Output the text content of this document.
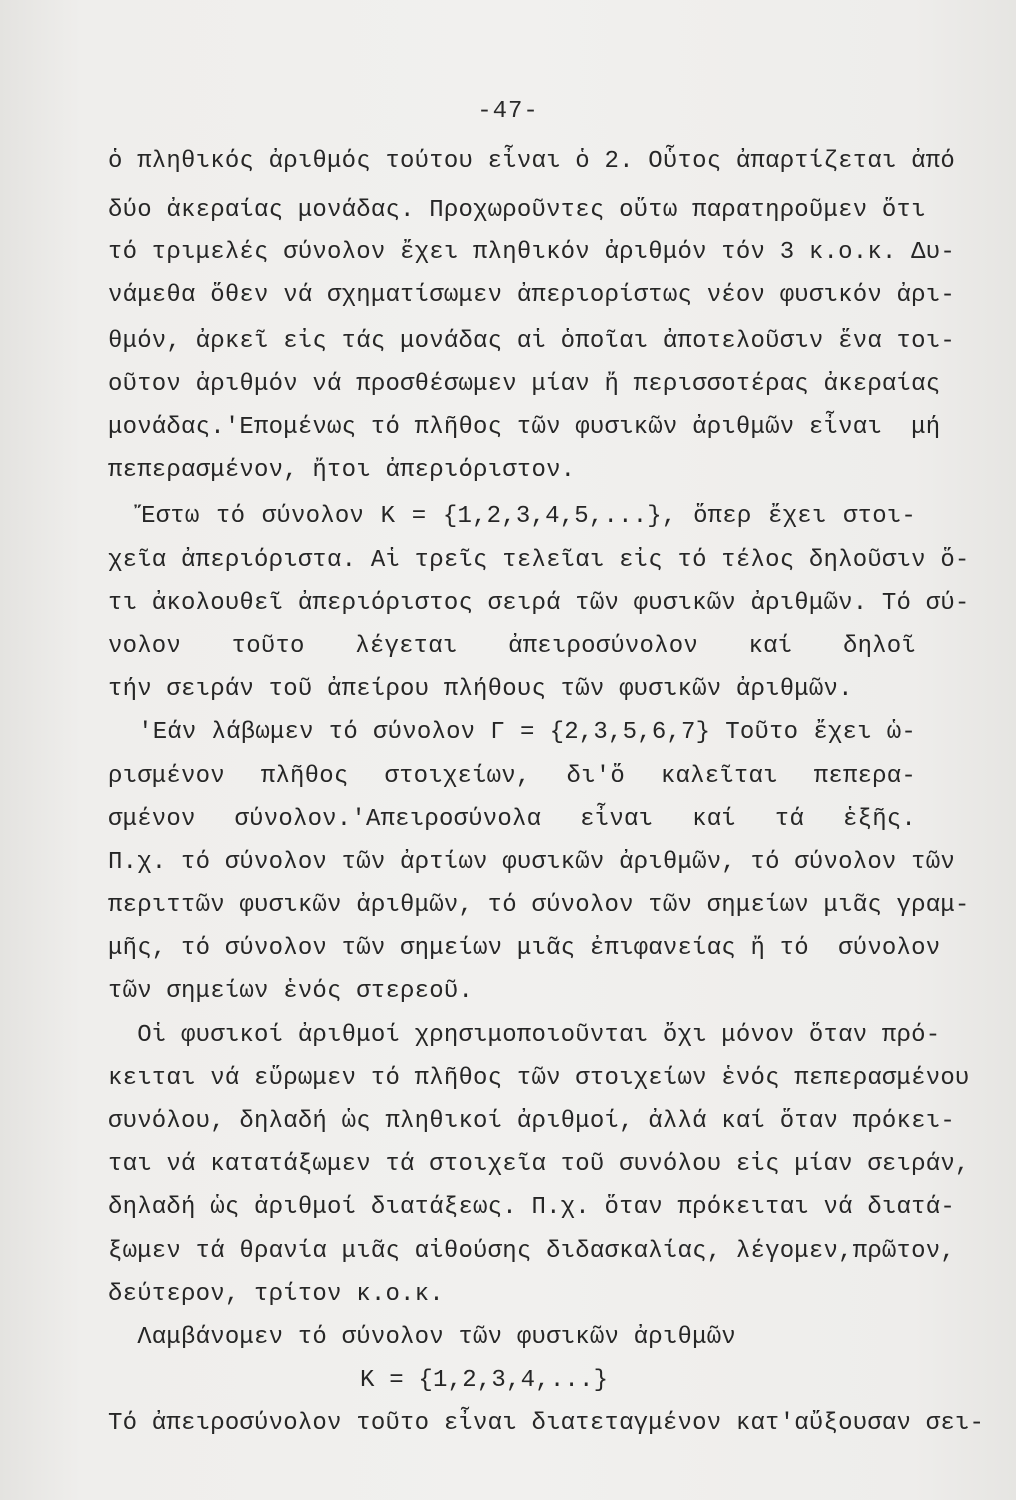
-47-
ὁ πληθικός ἀριθμός τούτου εἶναι ὁ 2. Οὗτος ἀπαρτίζεται ἀπό
δύο ἀκεραίας μονάδας. Προχωροῦντες οὕτω παρατηροῦμεν ὅτι
τό τριμελές σύνολον ἔχει πληθικόν ἀριθμόν τόν 3 κ.ο.κ. Δυ-
νάμεθα ὅθεν νά σχηματίσωμεν ἀπεριορίστως νέον φυσικόν ἀρι-
θμόν, ἀρκεῖ εἰς τάς μονάδας αἱ ὁποῖαι ἀποτελοῦσιν ἕνα τοι-
οῦτον ἀριθμόν νά προσθέσωμεν μίαν ἤ περισσοτέρας ἀκεραίας
μονάδας.'Επομένως τό πλῆθος τῶν φυσικῶν ἀριθμῶν εἶναι  μή
πεπερασμένον, ἤτοι ἀπεριόριστον.
Ἔστω τό σύνολον Κ = {1,2,3,4,5,...}, ὅπερ ἔχει στοι-
χεῖα ἀπεριόριστα. Αἱ τρεῖς τελεῖαι εἰς τό τέλος δηλοῦσιν ὅ-
τι ἀκολουθεῖ ἀπεριόριστος σειρά τῶν φυσικῶν ἀριθμῶν. Τό σύ-
νολον τοῦτο λέγεται ἀπειροσύνολον καί δηλοῖ
τήν σειράν τοῦ ἀπείρου πλήθους τῶν φυσικῶν ἀριθμῶν.
'Εάν λάβωμεν τό σύνολον Γ = {2,3,5,6,7} Τοῦτο ἔχει ὡ-
ρισμένον πλῆθος στοιχείων, δι'ὅ καλεῖται πεπερα-
σμένον σύνολον.'Απειροσύνολα εἶναι καί τά ἑξῆς.
Π.χ. τό σύνολον τῶν ἀρτίων φυσικῶν ἀριθμῶν, τό σύνολον τῶν
περιττῶν φυσικῶν ἀριθμῶν, τό σύνολον τῶν σημείων μιᾶς γραμ-
μῆς, τό σύνολον τῶν σημείων μιᾶς ἐπιφανείας ἤ τό  σύνολον
τῶν σημείων ἑνός στερεοῦ.
Οἱ φυσικοί ἀριθμοί χρησιμοποιοῦνται ὄχι μόνον ὅταν πρό-
κειται νά εὕρωμεν τό πλῆθος τῶν στοιχείων ἑνός πεπερασμένου
συνόλου, δηλαδή ὡς πληθικοί ἀριθμοί, ἀλλά καί ὅταν πρόκει-
ται νά κατατάξωμεν τά στοιχεῖα τοῦ συνόλου εἰς μίαν σειράν,
δηλαδή ὡς ἀριθμοί διατάξεως. Π.χ. ὅταν πρόκειται νά διατά-
ξωμεν τά θρανία μιᾶς αἰθούσης διδασκαλίας, λέγομεν,πρῶτον,
δεύτερον, τρίτον κ.ο.κ.
Λαμβάνομεν τό σύνολον τῶν φυσικῶν ἀριθμῶν
Κ = {1,2,3,4,...}
Τό ἀπειροσύνολον τοῦτο εἶναι διατεταγμένον κατ'αὔξουσαν σει-
